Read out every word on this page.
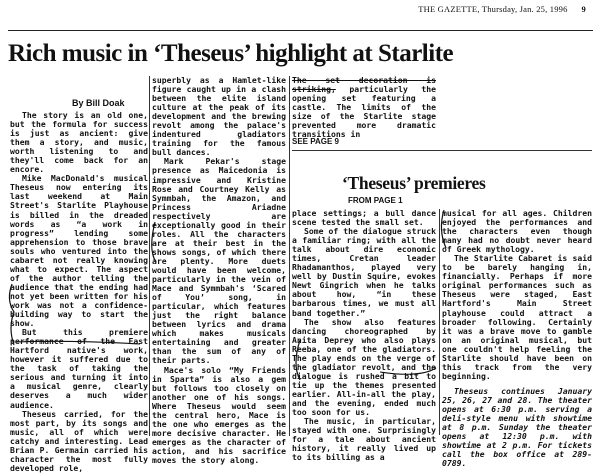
THE GAZETTE, Thursday, Jan. 25, 1996 9
Rich music in ‘Theseus’ highlight at Starlite
By Bill Doak

The story is an old one, but the formula for success is just as ancient: give them a story, and music, worth listening to and they'll come back for an encore.

Mike MacDonald's musical Theseus now entering its last weekend at Main Street's Starlite Playhouse is billed in the dreaded words as “a work in progress” lending some apprehension to those brave souls who ventured into the cabaret not really knowing what to expect. The aspect of the author telling the audience that the ending had not yet been written for his work was not a confidence-building way to start the show.

But this premiere performance of the East Hartford native's work, however it suffered due to the task of taking the serious and turning it into a musical genre, clearly deserves a much wider audience.

Theseus carried, for the most part, by its songs and music, all of which were catchy and interesting. Lead Brian P. Germain carried his character the most fully developed role,

superbly as a Hamlet-like figure caught up in a clash between the elite island culture at the peak of its development and the brewing revolt among the palace's indentured gladiators training for the famous bull dances.

Mark Pekar's stage presence as Maicedonia is impressive and Kristine Rose and Courtney Kelly as Symmbah, the Amazon, and Princess Ariadne respectively are exceptionally good in their roles. All the characters are at their best in the shows songs, of which there are plenty. More duets would have been welcome, particularly in the vein of Mace and Symmbah's ‘Scared of You’ song, in particular, which features just the right balance between lyrics and drama which makes musicals entertaining and greater than the sum of any of their parts.

Mace's solo “My Friends in Sparta” is also a gem but follows too closely on another one of his songs. Where Theseus would seem the central hero, Mace is the one who emerges as the more decisive character. He emerges as the character of action, and his sacrifice moves the story along.

The set decoration is striking, particularly the opening set featuring a castle. The limits of the size of the Starlite stage prevented more dramatic transitions in

SEE PAGE 9
‘Theseus’ premieres
FROM PAGE 1

place settings; a bull dance scene tested the small set.

Some of the dialogue struck a familiar ring; with all the talk about dire economic times, Cretan leader Rhadamanthos, played very well by Dustin Squire, evokes Newt Gingrich when he talks about how, “in these barbarous times, we must all band together.”

The show also features dancing choreographed by Anita Deprey who also plays Reeba, one of the gladiators. The play ends on the verge of the gladiator revolt, and the dialogue is rushed a bit to tie up the themes presented earlier. All-in-all the play, and the evening, ended much too soon for us.

The music, in particular, stayed with one. Surprisingly for a tale about ancient history, it really lived up to its billing as a

musical for all ages. Children enjoyed the performances and the characters even though many had no doubt never heard of Greek mythology.

The Starlite Cabaret is said to be barely hanging in, financially. Perhaps if more original performances such as Theseus were staged, East Hartford's Main Street playhouse could attract a broader following. Certainly it was a brave move to gamble on an original musical, but one couldn't help feeling the Starlite should have been on this track from the very beginning.

Theseus continues January 25, 26, 27 and 28. The theater opens at 6:30 p.m. serving a deli-style menu with showtime at 8 p.m. Sunday the theater opens at 12:30 p.m. with showtime at 2 p.m. For tickets call the box office at 289-0789.
